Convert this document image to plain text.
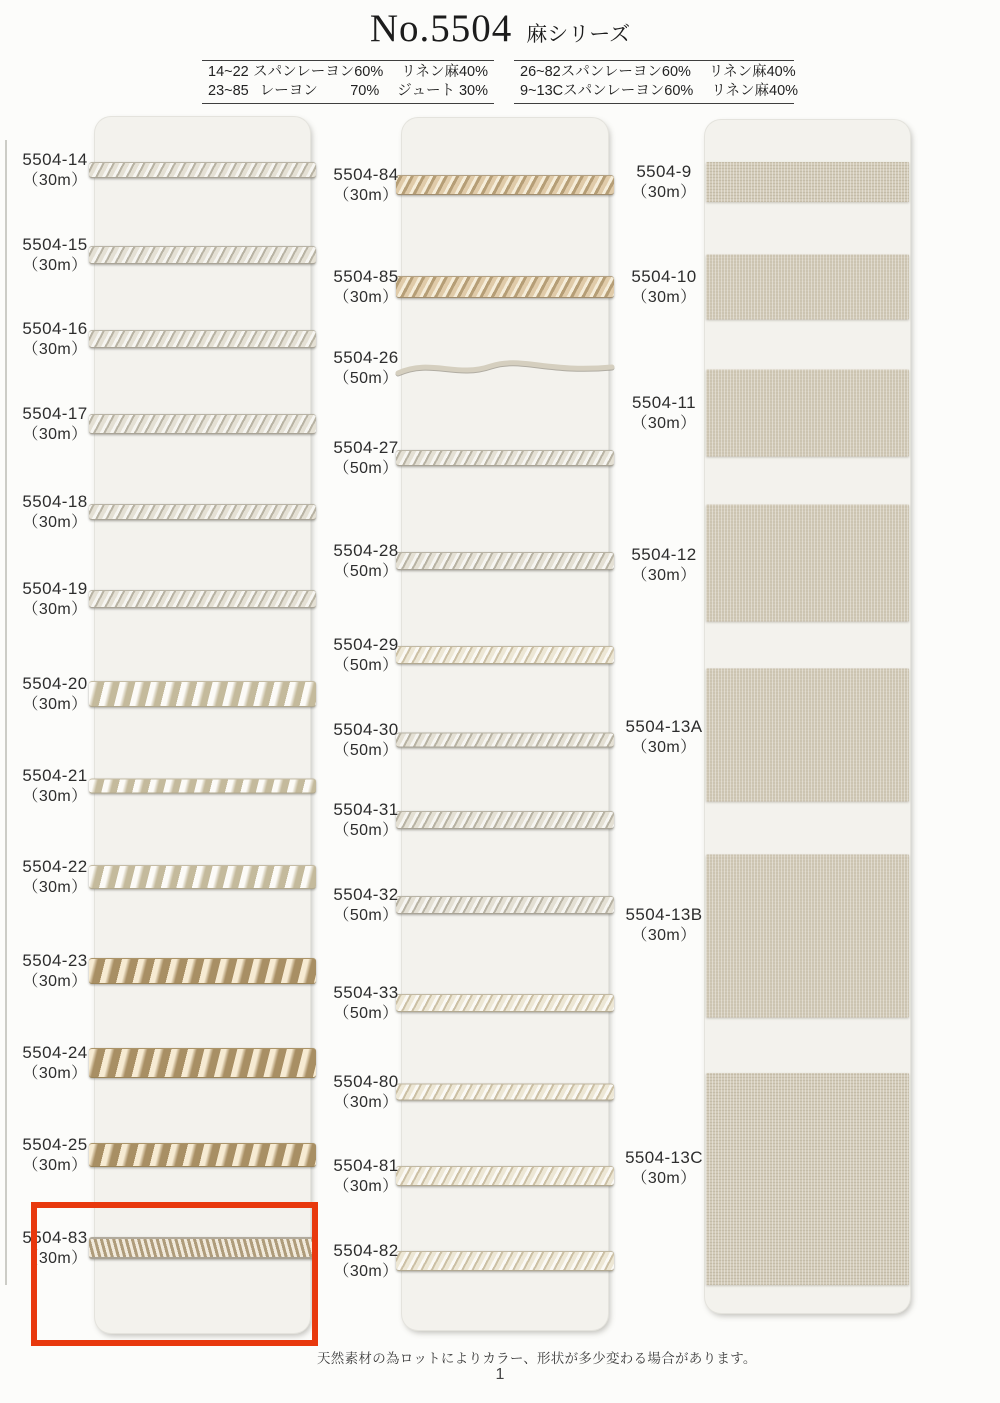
No.5504 麻シリーズ
14~22 スパンレーヨン 60% リネン麻40%
23~85 レーヨン 70% ジュート 30%
26~82 スパンレーヨン 60% リネン麻40%
9~13C スパンレーヨン 60% リネン麻40%
天然素材の為ロットによりカラー、形状が多少変わる場合があります。
1
5504-14
（30m）
5504-15
（30m）
5504-16
（30m）
5504-17
（30m）
5504-18
（30m）
5504-19
（30m）
5504-20
（30m）
5504-21
（30m）
5504-22
（30m）
5504-23
（30m）
5504-24
（30m）
5504-25
（30m）
5504-83
（30m）
5504-84
（30m）
5504-85
（30m）
5504-26
（50m）
5504-27
（50m）
5504-28
（50m）
5504-29
（50m）
5504-30
（50m）
5504-31
（50m）
5504-32
（50m）
5504-33
（50m）
5504-80
（30m）
5504-81
（30m）
5504-82
（30m）
5504-9
（30m）
5504-10
（30m）
5504-11
（30m）
5504-12
（30m）
5504-13A
（30m）
5504-13B
（30m）
5504-13C
（30m）
